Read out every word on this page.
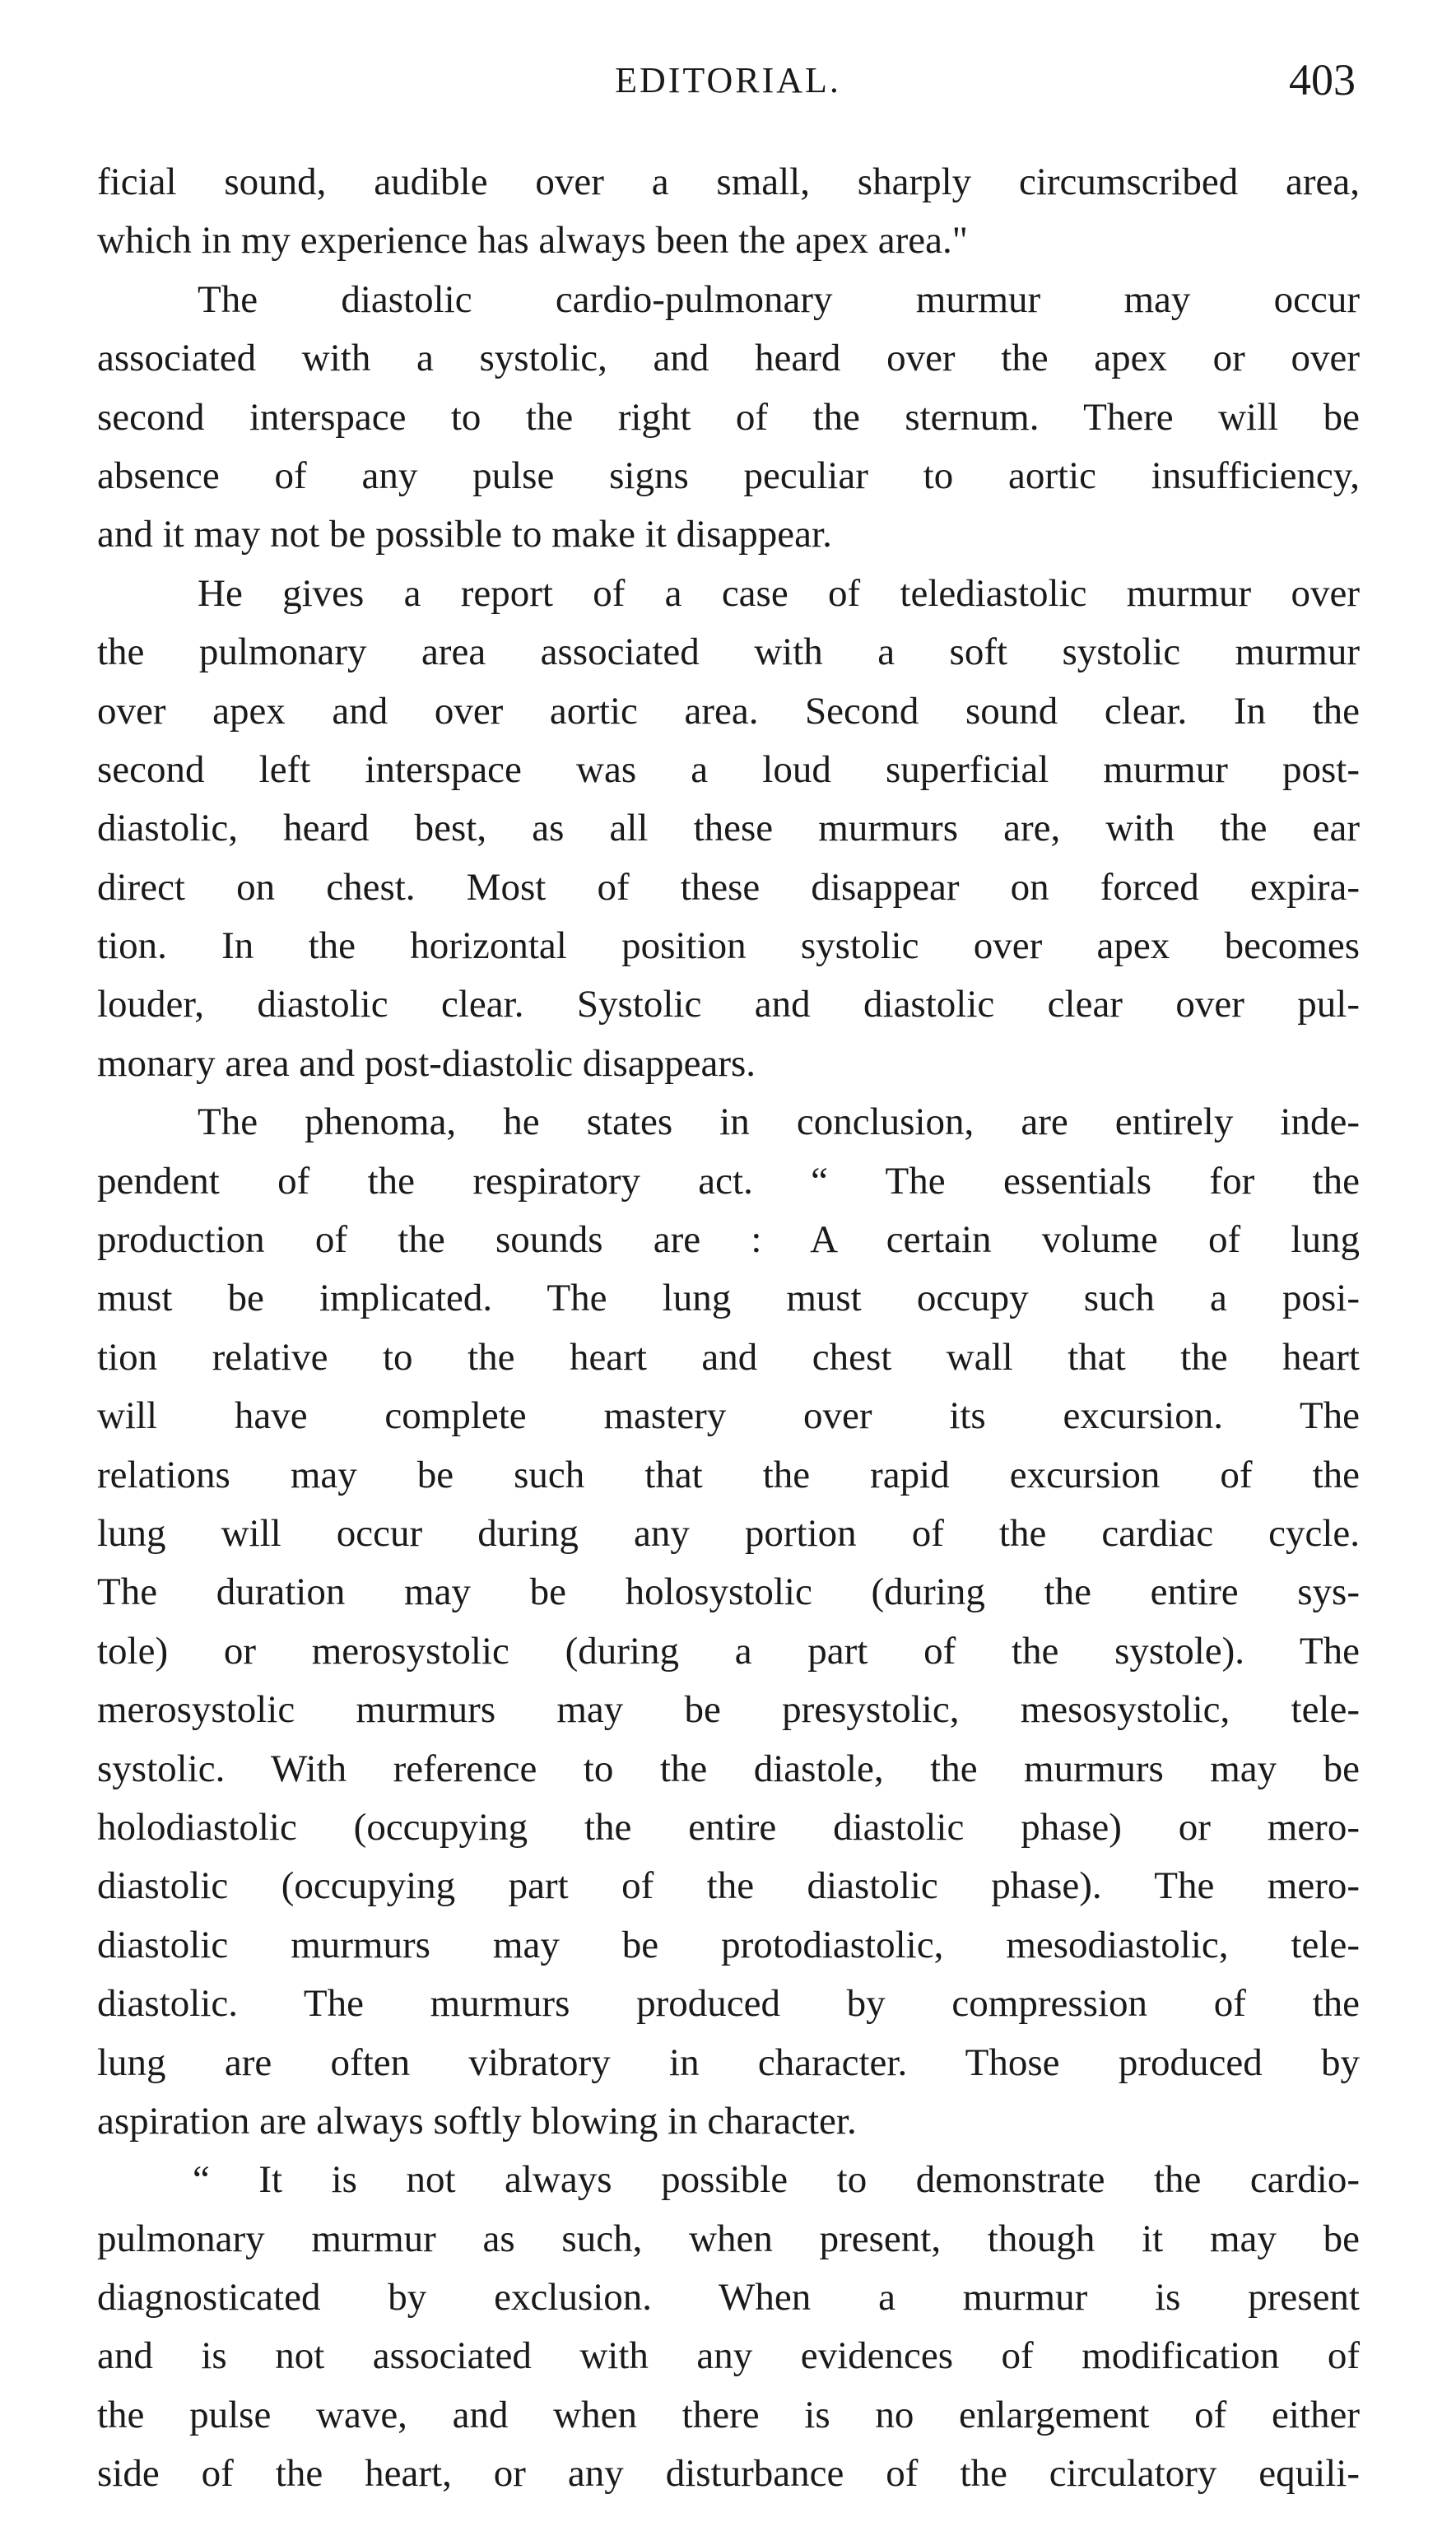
EDITORIAL.	403
ficial sound, audible over a small, sharply circumscribed area,
which in my experience has always been the apex area."
The diastolic cardio-pulmonary murmur may occur
associated with a systolic, and heard over the apex or over
second interspace to the right of the sternum. There will be
absence of any pulse signs peculiar to aortic insufficiency,
and it may not be possible to make it disappear.
He gives a report of a case of telediastolic murmur over
the pulmonary area associated with a soft systolic murmur
over apex and over aortic area. Second sound clear. In the
second left interspace was a loud superficial murmur post-
diastolic, heard best, as all these murmurs are, with the ear
direct on chest. Most of these disappear on forced expira-
tion. In the horizontal position systolic over apex becomes
louder, diastolic clear. Systolic and diastolic clear over pul-
monary area and post-diastolic disappears.
The phenoma, he states in conclusion, are entirely inde-
pendent of the respiratory act. “ The essentials for the
production of the sounds are : A certain volume of lung
must be implicated. The lung must occupy such a posi-
tion relative to the heart and chest wall that the heart
will have complete mastery over its excursion. The
relations may be such that the rapid excursion of the
lung will occur during any portion of the cardiac cycle.
The duration may be holosystolic (during the entire sys-
tole) or merosystolic (during a part of the systole). The
merosystolic murmurs may be presystolic, mesosystolic, tele-
systolic. With reference to the diastole, the murmurs may be
holodiastolic (occupying the entire diastolic phase) or mero-
diastolic (occupying part of the diastolic phase). The mero-
diastolic murmurs may be protodiastolic, mesodiastolic, tele-
diastolic. The murmurs produced by compression of the
lung are often vibratory in character. Those produced by
aspiration are always softly blowing in character.
“ It is not always possible to demonstrate the cardio-
pulmonary murmur as such, when present, though it may be
diagnosticated by exclusion. When a murmur is present
and is not associated with any evidences of modification of
the pulse wave, and when there is no enlargement of either
side of the heart, or any disturbance of the circulatory equili-
